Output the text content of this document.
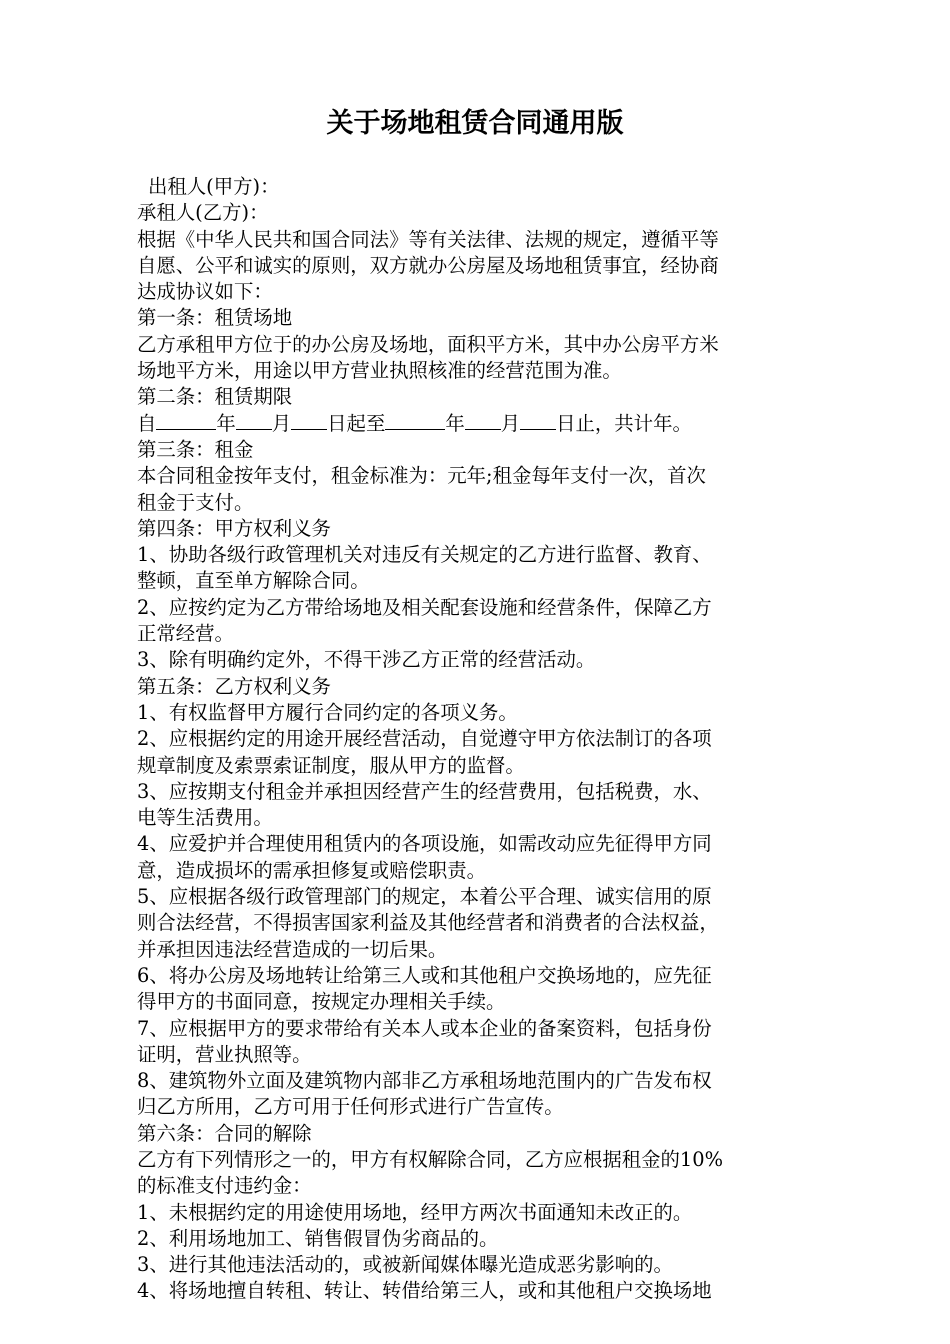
关于场地租赁合同通用版
出租人(甲方)：
承租人(乙方)：
根据《中华人民共和国合同法》等有关法律、法规的规定，遵循平等
自愿、公平和诚实的原则，双方就办公房屋及场地租赁事宜，经协商
达成协议如下：
第一条：租赁场地
乙方承租甲方位于的办公房及场地，面积平方米，其中办公房平方米
场地平方米，用途以甲方营业执照核准的经营范围为准。
第二条：租赁期限
自	年 月 日起至	年 月 日止，共计年。
第三条：租金
本合同租金按年支付，租金标准为：元年;租金每年支付一次，首次
租金于支付。
第四条：甲方权利义务
1、协助各级行政管理机关对违反有关规定的乙方进行监督、教育、
整顿，直至单方解除合同。
2、应按约定为乙方带给场地及相关配套设施和经营条件，保障乙方
正常经营。
3、除有明确约定外，不得干涉乙方正常的经营活动。
第五条：乙方权利义务
1、有权监督甲方履行合同约定的各项义务。
2、应根据约定的用途开展经营活动，自觉遵守甲方依法制订的各项
规章制度及索票索证制度，服从甲方的监督。
3、应按期支付租金并承担因经营产生的经营费用，包括税费，水、
电等生活费用。
4、应爱护并合理使用租赁内的各项设施，如需改动应先征得甲方同
意，造成损坏的需承担修复或赔偿职责。
5、应根据各级行政管理部门的规定，本着公平合理、诚实信用的原
则合法经营，不得损害国家利益及其他经营者和消费者的合法权益，
并承担因违法经营造成的一切后果。
6、将办公房及场地转让给第三人或和其他租户交换场地的，应先征
得甲方的书面同意，按规定办理相关手续。
7、应根据甲方的要求带给有关本人或本企业的备案资料，包括身份
证明，营业执照等。
8、建筑物外立面及建筑物内部非乙方承租场地范围内的广告发布权
归乙方所用，乙方可用于任何形式进行广告宣传。
第六条：合同的解除
乙方有下列情形之一的，甲方有权解除合同，乙方应根据租金的10%
的标准支付违约金：
1、未根据约定的用途使用场地，经甲方两次书面通知未改正的。
2、利用场地加工、销售假冒伪劣商品的。
3、进行其他违法活动的，或被新闻媒体曝光造成恶劣影响的。
4、将场地擅自转租、转让、转借给第三人，或和其他租户交换场地
